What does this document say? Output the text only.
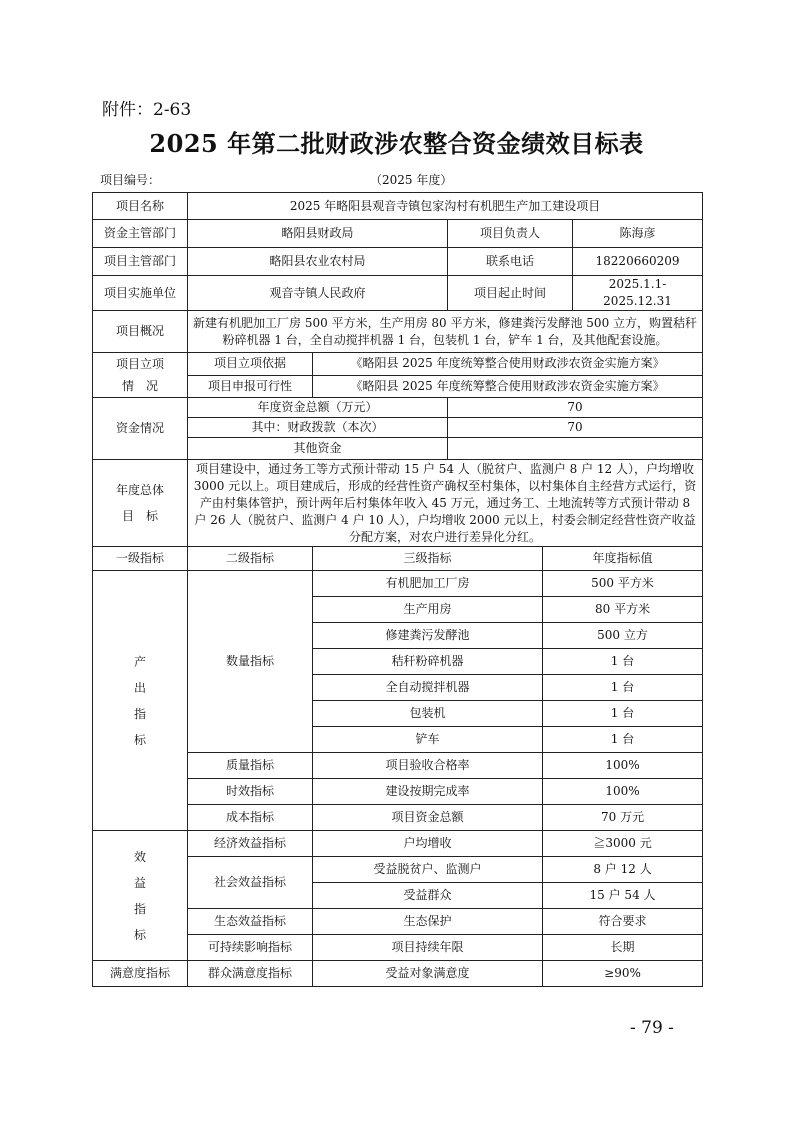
附件：2-63
2025 年第二批财政涉农整合资金绩效目标表
项目编号：	（2025 年度）
项目名称	2025 年略阳县观音寺镇包家沟村有机肥生产加工建设项目				
资金主管部门	略阳县财政局		项目负责人		陈海彦
项目主管部门	略阳县农业农村局		联系电话		18220660209
项目实施单位	观音寺镇人民政府		项目起止时间		2025.1.1-2025.12.31
项目概况	新建有机肥加工厂房 500 平方米，生产用房 80 平方米，修建粪污发酵池 500 立方，购置秸秆粉碎机器 1 台，全自动搅拌机器 1 台，包装机 1 台，铲车 1 台，及其他配套设施。				

项目立项
情　况	项目立项依据	《略阳县 2025 年度统筹整合使用财政涉农资金实施方案》			
	项目申报可行性	《略阳县 2025 年度统筹整合使用财政涉农资金实施方案》			
资金情况	年度资金总额（万元）		70		
	其中：财政拨款（本次）		70		
	其他资金				

年度总体
目　标	项目建设中，通过务工等方式预计带动 15 户 54 人（脱贫户、监测户 8 户 12 人），户均增收 3000 元以上。项目建成后，形成的经营性资产确权至村集体，以村集体自主经营方式运行，资产由村集体管护，预计两年后村集体年收入 45 万元，通过务工、土地流转等方式预计带动 8 户 26 人（脱贫户、监测户 4 户 10 人），户均增收 2000 元以上，村委会制定经营性资产收益分配方案，对农户进行差异化分红。				
一级指标	二级指标	三级指标		年度指标值	

产
出
指
标	数量指标	有机肥加工厂房		500 平方米	
		生产用房		80 平方米	
		修建粪污发酵池		500 立方	
		秸秆粉碎机器		1 台	
		全自动搅拌机器		1 台	
		包装机		1 台	
		铲车		1 台	
	质量指标	项目验收合格率		100%	
	时效指标	建设按期完成率		100%	
	成本指标	项目资金总额		70 万元	

效
益
指
标	经济效益指标	户均增收		≧3000 元	
	社会效益指标	受益脱贫户、监测户		8 户 12 人	
		受益群众		15 户 54 人	
	生态效益指标	生态保护		符合要求	
	可持续影响指标	项目持续年限		长期	
满意度指标	群众满意度指标	受益对象满意度		≥90%	
- 79 -
